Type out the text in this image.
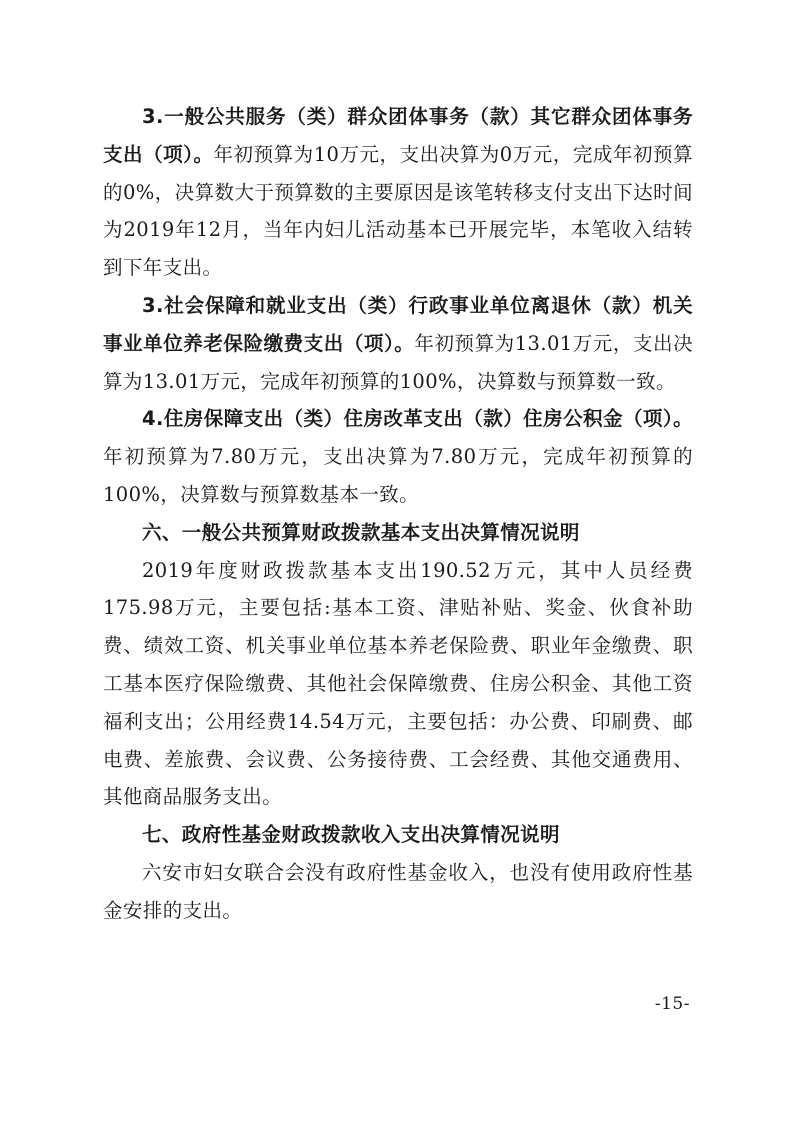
3.一般公共服务（类）群众团体事务（款）其它群众团体事务支出（项）。年初预算为10万元，支出决算为0万元，完成年初预算的0%，决算数大于预算数的主要原因是该笔转移支付支出下达时间为2019年12月，当年内妇儿活动基本已开展完毕，本笔收入结转到下年支出。

3.社会保障和就业支出（类）行政事业单位离退休（款）机关事业单位养老保险缴费支出（项）。年初预算为13.01万元，支出决算为13.01万元，完成年初预算的100%，决算数与预算数一致。

4.住房保障支出（类）住房改革支出（款）住房公积金（项）。年初预算为7.80万元，支出决算为7.80万元，完成年初预算的100%，决算数与预算数基本一致。

六、一般公共预算财政拨款基本支出决算情况说明

2019年度财政拨款基本支出190.52万元，其中人员经费175.98万元，主要包括:基本工资、津贴补贴、奖金、伙食补助费、绩效工资、机关事业单位基本养老保险费、职业年金缴费、职工基本医疗保险缴费、其他社会保障缴费、住房公积金、其他工资福利支出；公用经费14.54万元，主要包括：办公费、印刷费、邮电费、差旅费、会议费、公务接待费、工会经费、其他交通费用、其他商品服务支出。

七、政府性基金财政拨款收入支出决算情况说明

六安市妇女联合会没有政府性基金收入，也没有使用政府性基金安排的支出。

-15-
